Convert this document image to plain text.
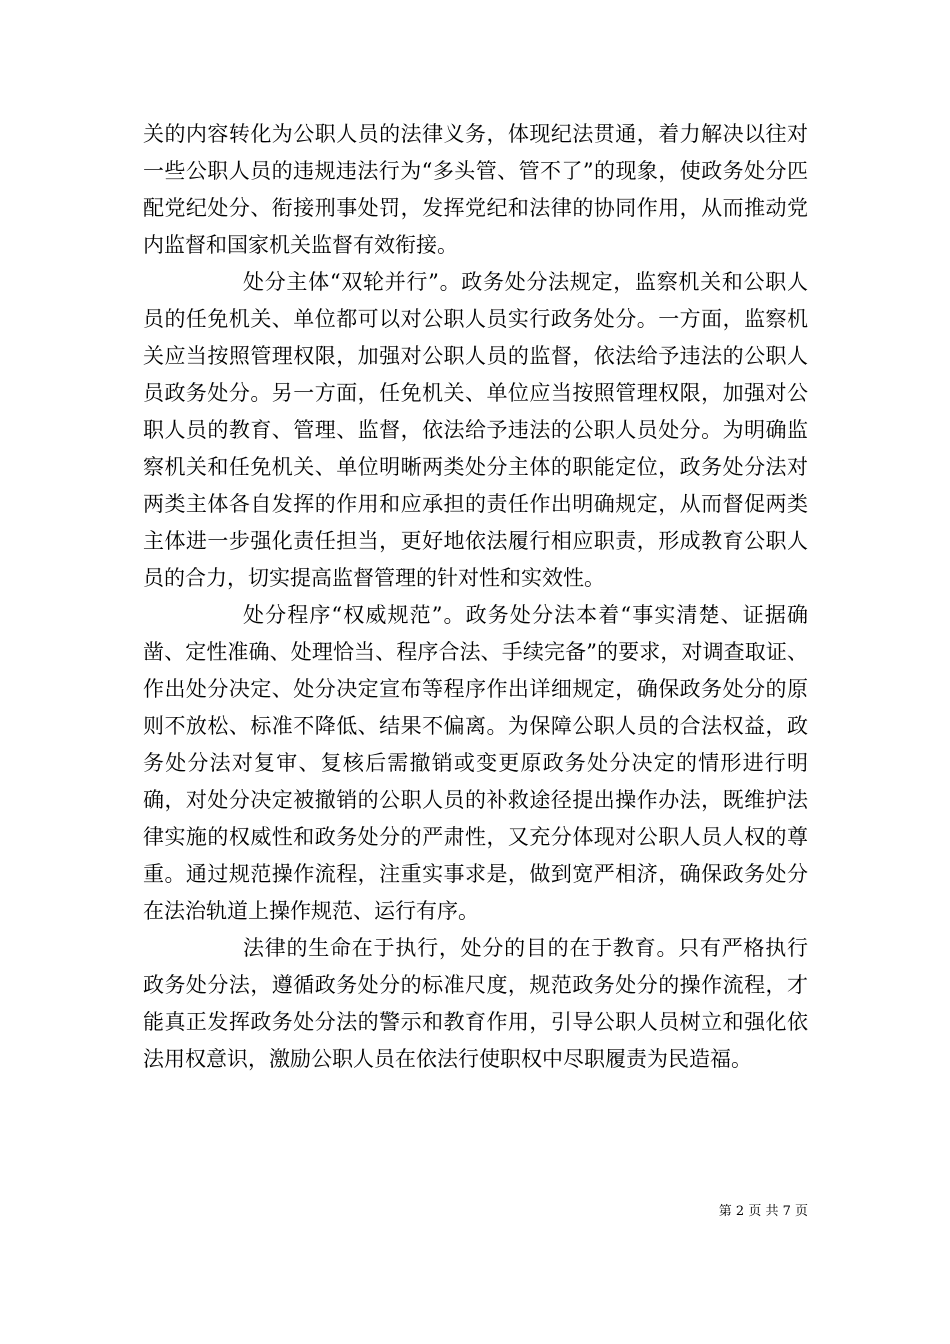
关的内容转化为公职人员的法律义务，体现纪法贯通，着力解决以往对一些公职人员的违规违法行为“多头管、管不了”的现象，使政务处分匹配党纪处分、衔接刑事处罚，发挥党纪和法律的协同作用，从而推动党内监督和国家机关监督有效衔接。

处分主体“双轮并行”。政务处分法规定，监察机关和公职人员的任免机关、单位都可以对公职人员实行政务处分。一方面，监察机关应当按照管理权限，加强对公职人员的监督，依法给予违法的公职人员政务处分。另一方面，任免机关、单位应当按照管理权限，加强对公职人员的教育、管理、监督，依法给予违法的公职人员处分。为明确监察机关和任免机关、单位明晰两类处分主体的职能定位，政务处分法对两类主体各自发挥的作用和应承担的责任作出明确规定，从而督促两类主体进一步强化责任担当，更好地依法履行相应职责，形成教育公职人员的合力，切实提高监督管理的针对性和实效性。

处分程序“权威规范”。政务处分法本着“事实清楚、证据确凿、定性准确、处理恰当、程序合法、手续完备”的要求，对调查取证、作出处分决定、处分决定宣布等程序作出详细规定，确保政务处分的原则不放松、标准不降低、结果不偏离。为保障公职人员的合法权益，政务处分法对复审、复核后需撤销或变更原政务处分决定的情形进行明确，对处分决定被撤销的公职人员的补救途径提出操作办法，既维护法律实施的权威性和政务处分的严肃性，又充分体现对公职人员人权的尊重。通过规范操作流程，注重实事求是，做到宽严相济，确保政务处分在法治轨道上操作规范、运行有序。

法律的生命在于执行，处分的目的在于教育。只有严格执行政务处分法，遵循政务处分的标准尺度，规范政务处分的操作流程，才能真正发挥政务处分法的警示和教育作用，引导公职人员树立和强化依法用权意识，激励公职人员在依法行使职权中尽职履责为民造福。

第 2 页 共 7 页
